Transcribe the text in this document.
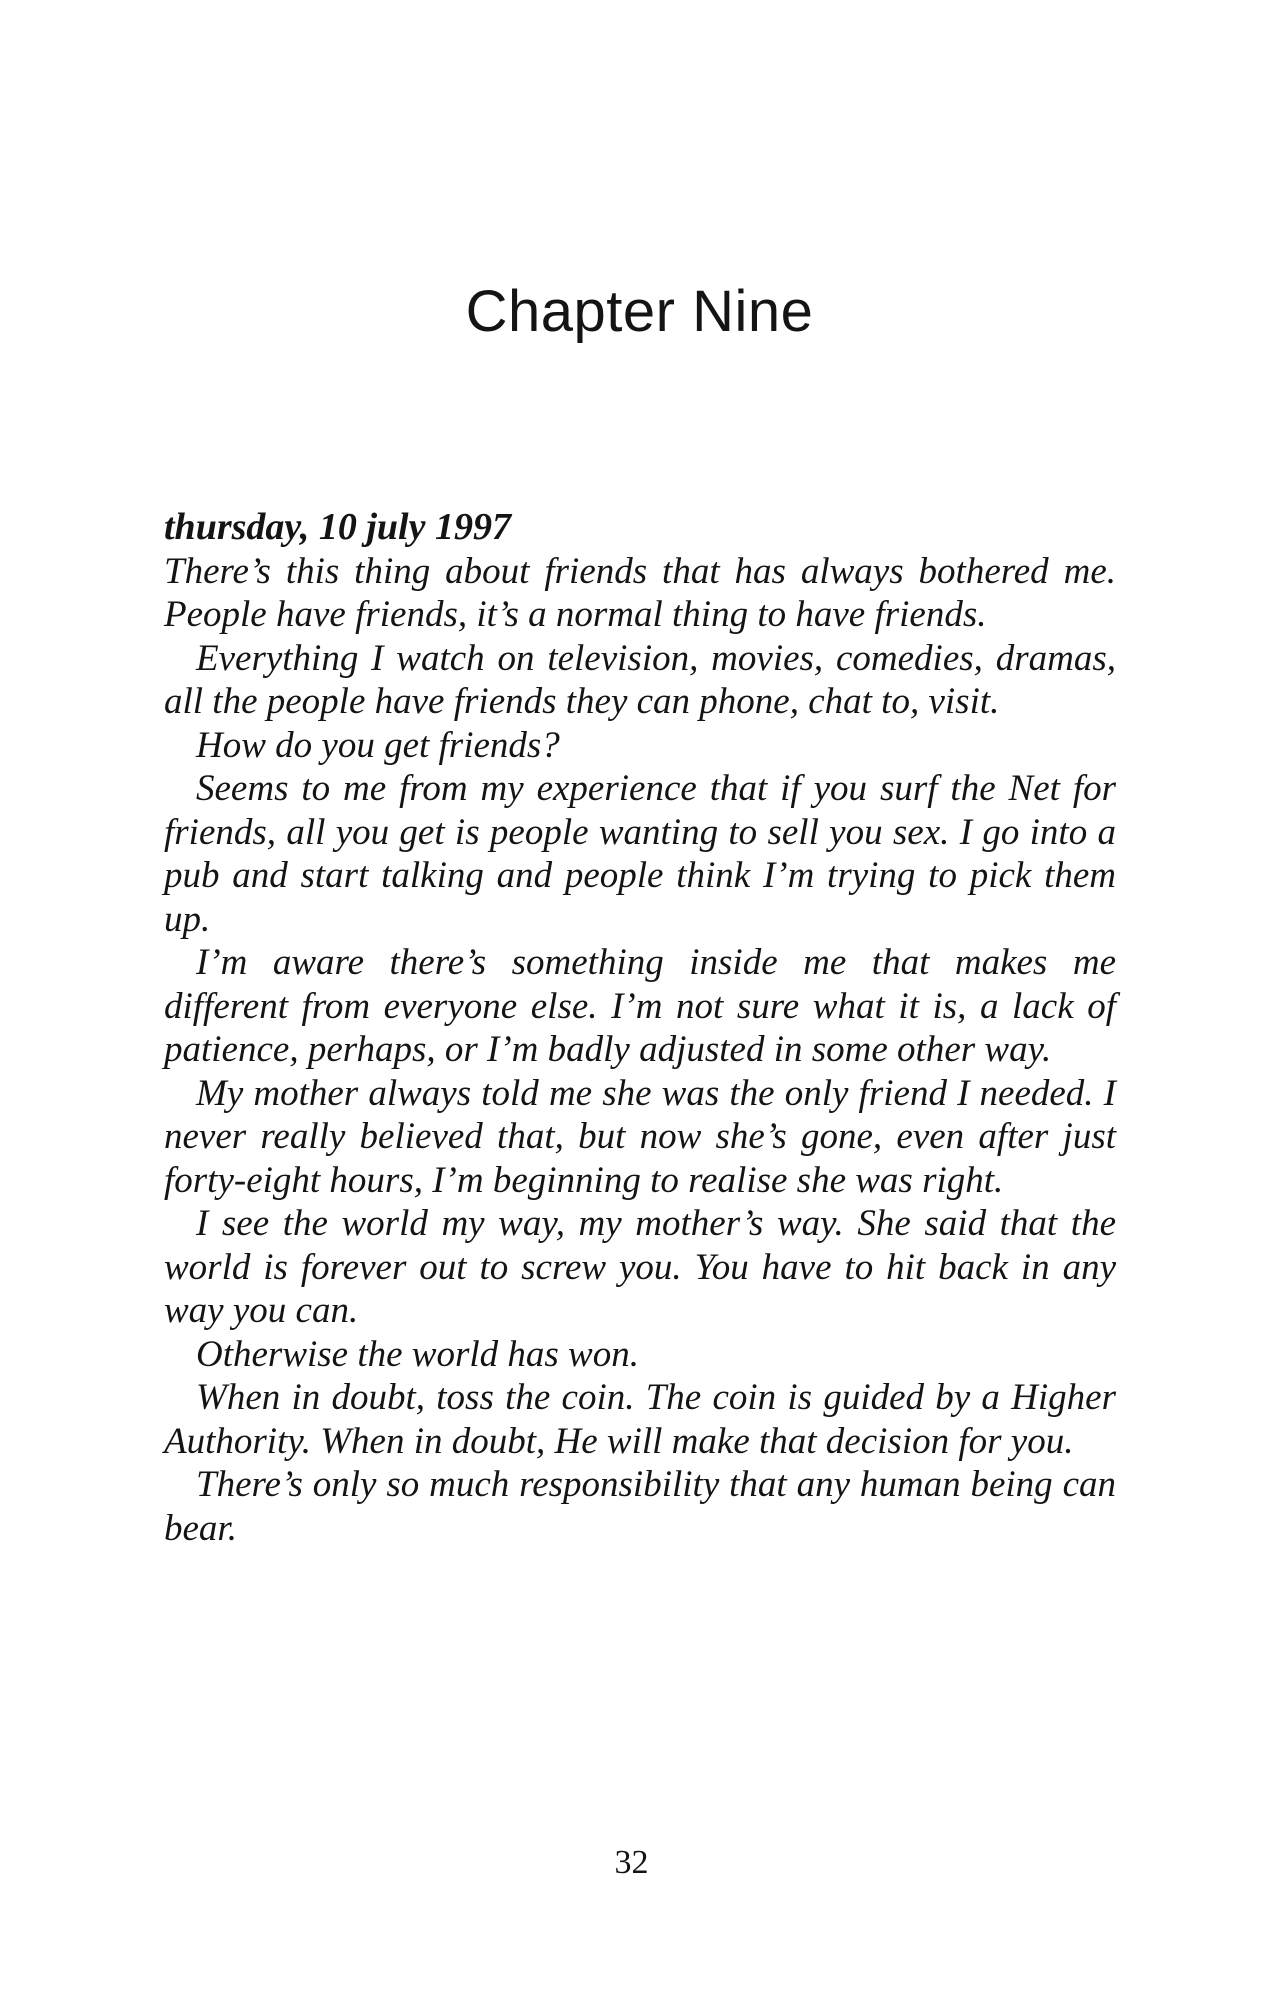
Chapter Nine

thursday, 10 july 1997

There’s this thing about friends that has always bothered me. People have friends, it’s a normal thing to have friends.

Everything I watch on television, movies, comedies, dramas, all the people have friends they can phone, chat to, visit.

How do you get friends?

Seems to me from my experience that if you surf the Net for friends, all you get is people wanting to sell you sex. I go into a pub and start talking and people think I’m trying to pick them up.

I’m aware there’s something inside me that makes me different from everyone else. I’m not sure what it is, a lack of patience, perhaps, or I’m badly adjusted in some other way.

My mother always told me she was the only friend I needed. I never really believed that, but now she’s gone, even after just forty-eight hours, I’m beginning to realise she was right.

I see the world my way, my mother’s way. She said that the world is forever out to screw you. You have to hit back in any way you can.

Otherwise the world has won.

When in doubt, toss the coin. The coin is guided by a Higher Authority. When in doubt, He will make that decision for you.

There’s only so much responsibility that any human being can bear.

32
